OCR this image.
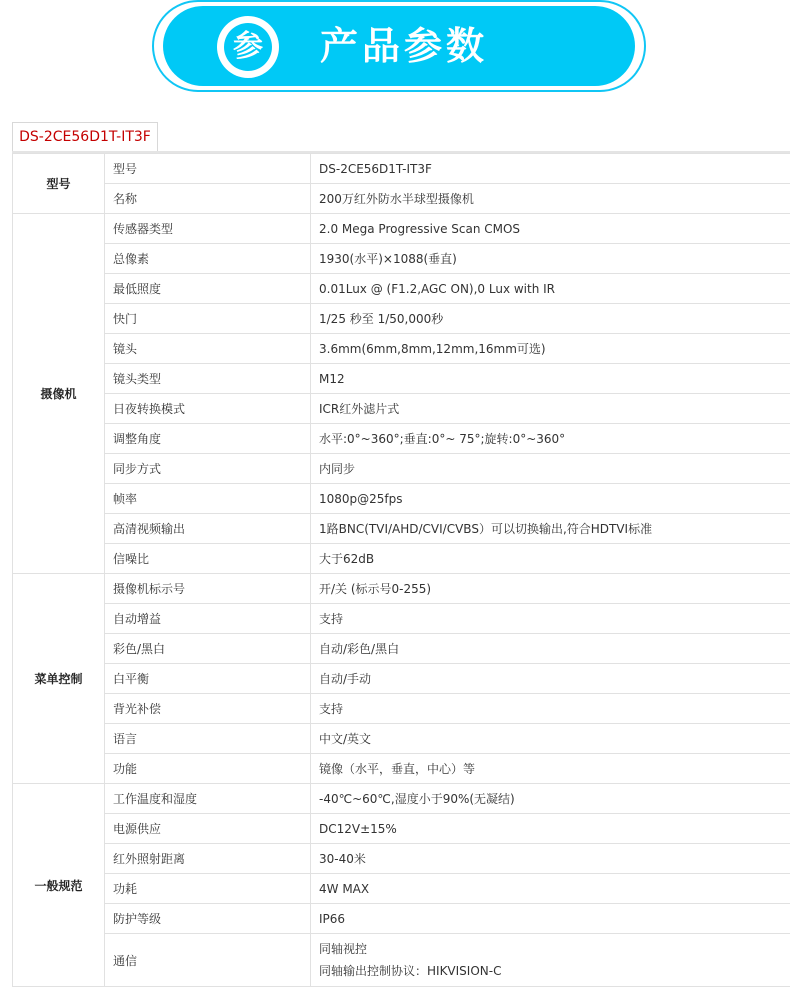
参 产品参数
DS-2CE56D1T-IT3F
型号	型号	DS-2CE56D1T-IT3F
	名称	200万红外防水半球型摄像机
摄像机	传感器类型	2.0 Mega Progressive Scan CMOS
	总像素	1930(水平)×1088(垂直)
	最低照度	0.01Lux @ (F1.2,AGC ON),0 Lux with IR
	快门	1/25 秒至 1/50,000秒
	镜头	3.6mm(6mm,8mm,12mm,16mm可选)
	镜头类型	M12
	日夜转换模式	ICR红外滤片式
	调整角度	水平:0°~360°;垂直:0°~ 75°;旋转:0°~360°
	同步方式	内同步
	帧率	1080p@25fps
	高清视频输出	1路BNC(TVI/AHD/CVI/CVBS）可以切换输出,符合HDTVI标准
	信噪比	大于62dB
菜单控制	摄像机标示号	开/关 (标示号0-255)
	自动增益	支持
	彩色/黑白	自动/彩色/黑白
	白平衡	自动/手动
	背光补偿	支持
	语言	中文/英文
	功能	镜像（水平，垂直，中心）等
一般规范	工作温度和湿度	-40℃~60℃,湿度小于90%(无凝结)
	电源供应	DC12V±15%
	红外照射距离	30-40米
	功耗	4W MAX
	防护等级	IP66
	通信	同轴视控
同轴输出控制协议：HIKVISION-C
